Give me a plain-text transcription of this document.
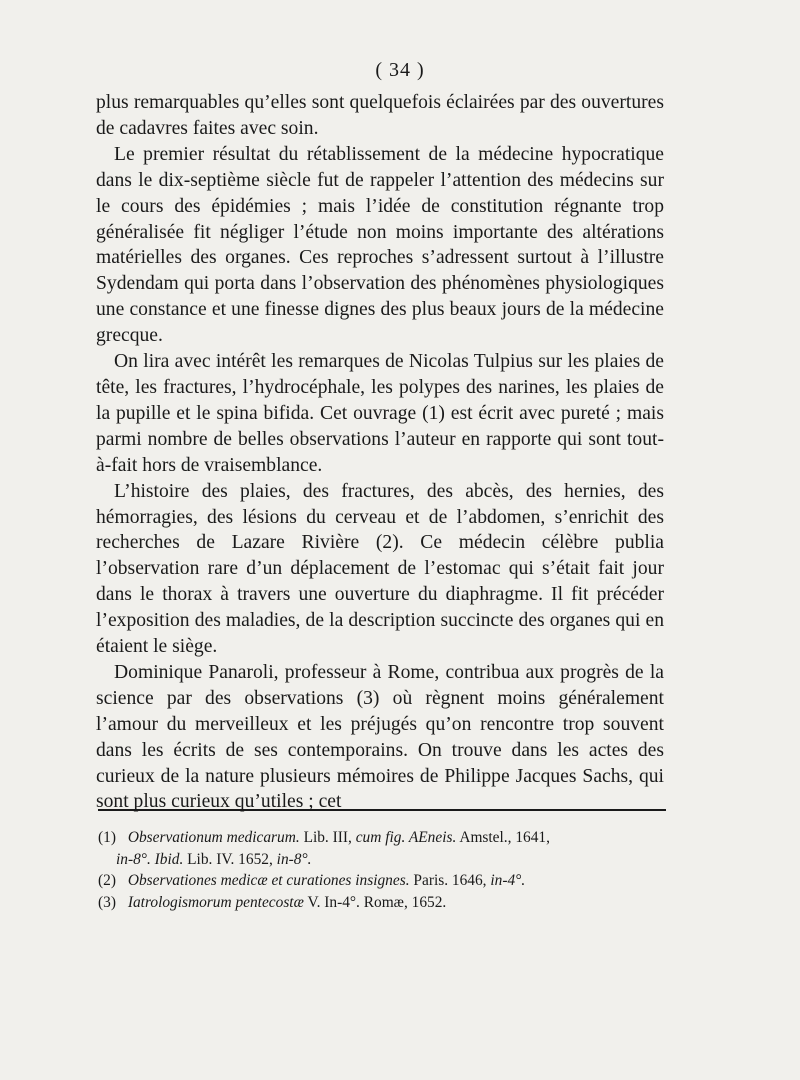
( 34 )

plus remarquables qu’elles sont quelquefois éclairées par des ouvertures de cadavres faites avec soin.

Le premier résultat du rétablissement de la médecine hypocratique dans le dix-septième siècle fut de rappeler l’attention des médecins sur le cours des épidémies ; mais l’idée de constitution régnante trop généralisée fit négliger l’étude non moins importante des altérations matérielles des organes. Ces reproches s’adressent surtout à l’illustre Sydendam qui porta dans l’observation des phénomènes physiologiques une constance et une finesse dignes des plus beaux jours de la médecine grecque.

On lira avec intérêt les remarques de Nicolas Tulpius sur les plaies de tête, les fractures, l’hydrocéphale, les polypes des narines, les plaies de la pupille et le spina bifida. Cet ouvrage (1) est écrit avec pureté ; mais parmi nombre de belles observations l’auteur en rapporte qui sont tout-à-fait hors de vraisemblance.

L’histoire des plaies, des fractures, des abcès, des hernies, des hémorragies, des lésions du cerveau et de l’abdomen, s’enrichit des recherches de Lazare Rivière (2). Ce médecin célèbre publia l’observation rare d’un déplacement de l’estomac qui s’était fait jour dans le thorax à travers une ouverture du diaphragme. Il fit précéder l’exposition des maladies, de la description succincte des organes qui en étaient le siège.

Dominique Panaroli, professeur à Rome, contribua aux progrès de la science par des observations (3) où règnent moins généralement l’amour du merveilleux et les préjugés qu’on rencontre trop souvent dans les écrits de ses contemporains. On trouve dans les actes des curieux de la nature plusieurs mémoires de Philippe Jacques Sachs, qui sont plus curieux qu’utiles ; cet

(1) Observationum medicarum. Lib. III, cum fig. AEneis. Amstel., 1641,

in-8°. Ibid. Lib. IV. 1652, in-8°.

(2) Observationes medicæ et curationes insignes. Paris. 1646, in-4°.

(3) Iatrologismorum pentecostæ V. In-4°. Romæ, 1652.
